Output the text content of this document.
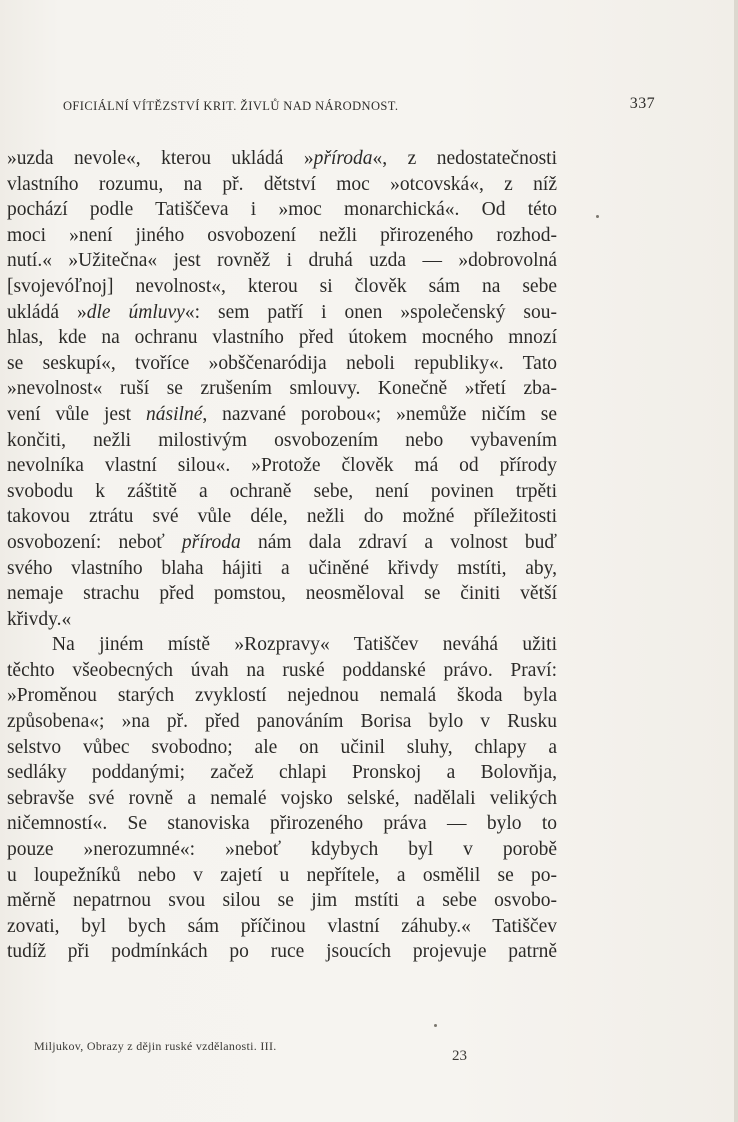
OFICIÁLNÍ VÍTĚZSTVÍ KRIT. ŽIVLŮ NAD NÁRODNOST.	337
»uzda nevole«, kterou ukládá »příroda«, z nedostatečnosti
vlastního rozumu, na př. dětství moc »otcovská«, z níž
pochází podle Tatiščeva i »moc monarchická«. Od této
moci »není jiného osvobození nežli přirozeného rozhod-
nutí.« »Užitečna« jest rovněž i druhá uzda — »dobrovolná
[svojevóľnoj] nevolnost«, kterou si člověk sám na sebe
ukládá »dle úmluvy«: sem patří i onen »společenský sou-
hlas, kde na ochranu vlastního před útokem mocného mnozí
se seskupí«, tvoříce »obščenaródija neboli republiky«. Tato
»nevolnost« ruší se zrušením smlouvy. Konečně »třetí zba-
vení vůle jest násilné, nazvané porobou«; »nemůže ničím se
končiti, nežli milostivým osvobozením nebo vybavením
nevolníka vlastní silou«. »Protože člověk má od přírody
svobodu k záštitě a ochraně sebe, není povinen trpěti
takovou ztrátu své vůle déle, nežli do možné příležitosti
osvobození: neboť příroda nám dala zdraví a volnost buď
svého vlastního blaha hájiti a učiněné křivdy mstíti, aby,
nemaje strachu před pomstou, neosměloval se činiti větší
křivdy.«
Na jiném místě »Rozpravy« Tatiščev neváhá užiti
těchto všeobecných úvah na ruské poddanské právo. Praví:
»Proměnou starých zvyklostí nejednou nemalá škoda byla
způsobena«; »na př. před panováním Borisa bylo v Rusku
selstvo vůbec svobodno; ale on učinil sluhy, chlapy a
sedláky poddanými; začež chlapi Pronskoj a Bolovňja,
sebravše své rovně a nemalé vojsko selské, nadělali velikých
ničemností«. Se stanoviska přirozeného práva — bylo to
pouze »nerozumné«: »neboť kdybych byl v porobě
u loupežníků nebo v zajetí u nepřítele, a osmělil se po-
měrně nepatrnou svou silou se jim mstíti a sebe osvobo-
zovati, byl bych sám příčinou vlastní záhuby.« Tatiščev
tudíž při podmínkách po ruce jsoucích projevuje patrně
Miljukov, Obrazy z dějin ruské vzdělanosti. III.
23
